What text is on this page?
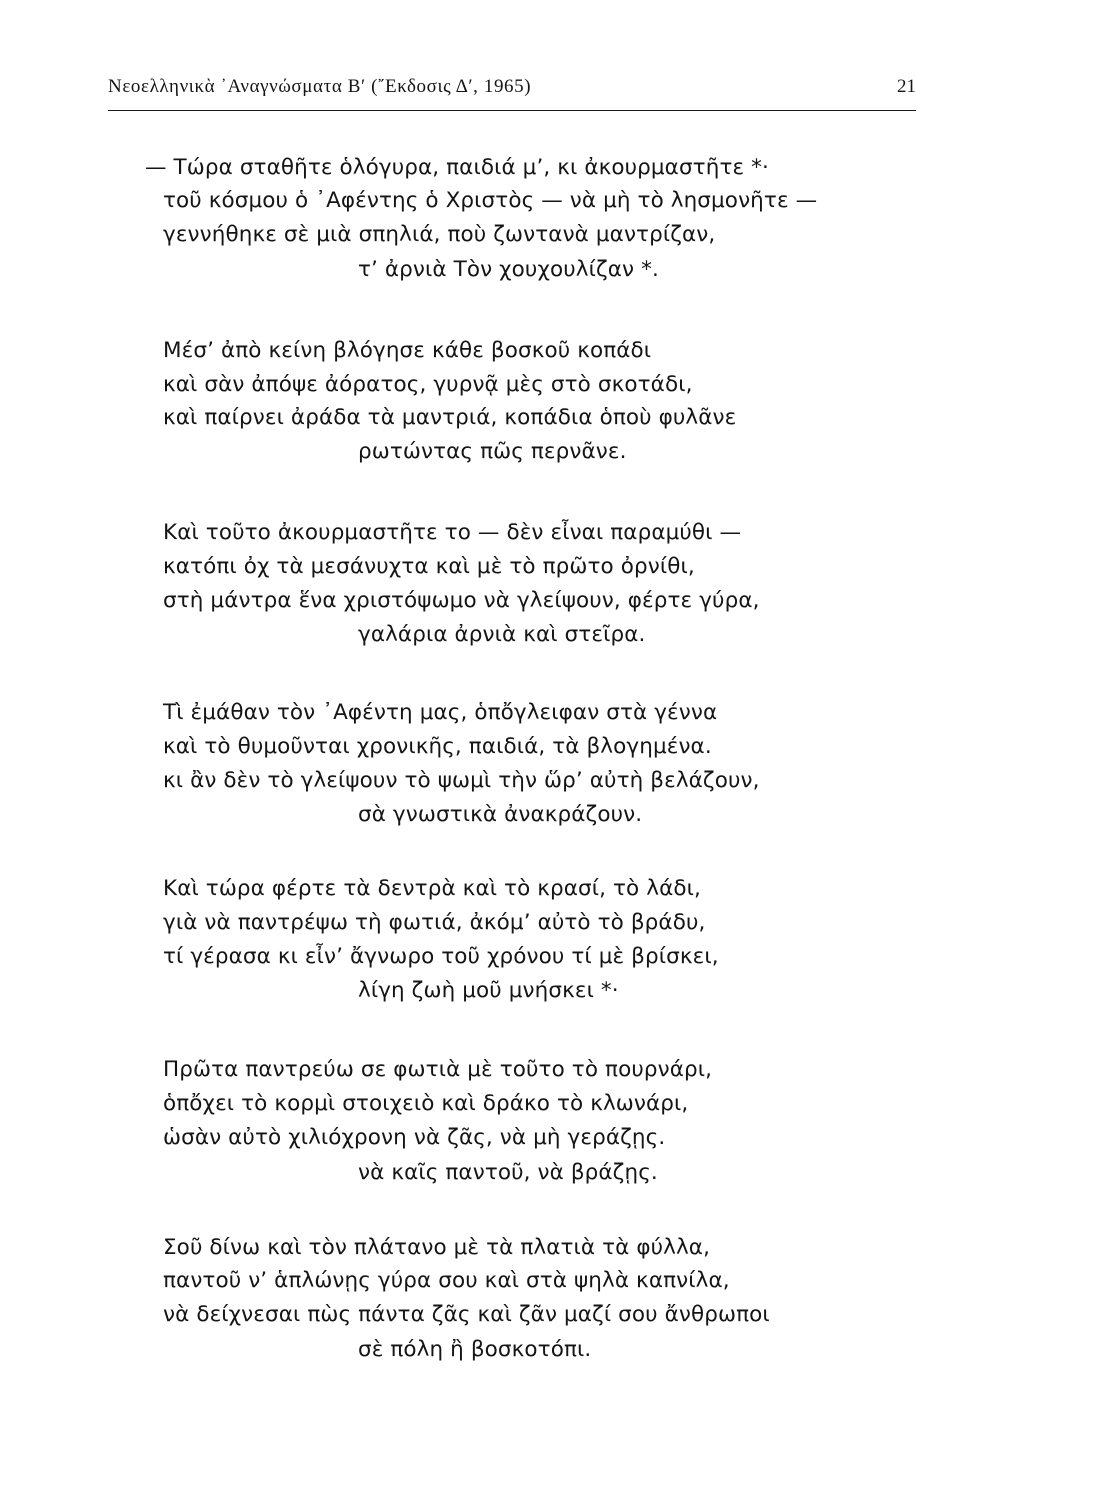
Νεοελληνικὰ ᾿Αναγνώσματα Β′ (῎Εκδοσις Δ′, 1965)	21
— Τώρα σταθῆτε ὁλόγυρα, παιδιά μ’, κι ἀκουρμαστῆτε *·
τοῦ κόσμου ὁ ᾿Αφέντης ὁ Χριστὸς — νὰ μὴ τὸ λησμονῆτε —
γεννήθηκε σὲ μιὰ σπηλιά, ποὺ ζωντανὰ μαντρίζαν,
τ’ ἀρνιὰ Τὸν χουχουλίζαν *.
Μέσ’ ἀπὸ κείνη βλόγησε κάθε βοσκοῦ κοπάδι
καὶ σὰν ἀπόψε ἀόρατος, γυρνᾷ μὲς στὸ σκοτάδι,
καὶ παίρνει ἀράδα τὰ μαντριά, κοπάδια ὁποὺ φυλᾶνε
ρωτώντας πῶς περνᾶνε.
Καὶ τοῦτο ἀκουρμαστῆτε το — δὲν εἶναι παραμύθι —
κατόπι ὀχ τὰ μεσάνυχτα καὶ μὲ τὸ πρῶτο ὀρνίθι,
στὴ μάντρα ἕνα χριστόψωμο νὰ γλείψουν, φέρτε γύρα,
γαλάρια ἀρνιὰ καὶ στεῖρα.
Τὶ ἐμάθαν τὸν ᾿Αφέντη μας, ὁπὄγλειφαν στὰ γέννα
καὶ τὸ θυμοῦνται χρονικῆς, παιδιά, τὰ βλογημένα.
κι ἂν δὲν τὸ γλείψουν τὸ ψωμὶ τὴν ὥρ’ αὐτὴ βελάζουν,
σὰ γνωστικὰ ἀνακράζουν.
Καὶ τώρα φέρτε τὰ δεντρὰ καὶ τὸ κρασί, τὸ λάδι,
γιὰ νὰ παντρέψω τὴ φωτιά, ἀκόμ’ αὐτὸ τὸ βράδυ,
τί γέρασα κι εἶν’ ἄγνωρο τοῦ χρόνου τί μὲ βρίσκει,
λίγη ζωὴ μοῦ μνήσκει *·
Πρῶτα παντρεύω σε φωτιὰ μὲ τοῦτο τὸ πουρνάρι,
ὁπὄχει τὸ κορμὶ στοιχειὸ καὶ δράκο τὸ κλωνάρι,
ὡσὰν αὐτὸ χιλιόχρονη νὰ ζᾶς, νὰ μὴ γεράζῃς.
νὰ καῖς παντοῦ, νὰ βράζῃς.
Σοῦ δίνω καὶ τὸν πλάτανο μὲ τὰ πλατιὰ τὰ φύλλα,
παντοῦ ν’ ἁπλώνῃς γύρα σου καὶ στὰ ψηλὰ καπνίλα,
νὰ δείχνεσαι πὼς πάντα ζᾶς καὶ ζᾶν μαζί σου ἄνθρωποι
σὲ πόλη ἢ βοσκοτόπι.
